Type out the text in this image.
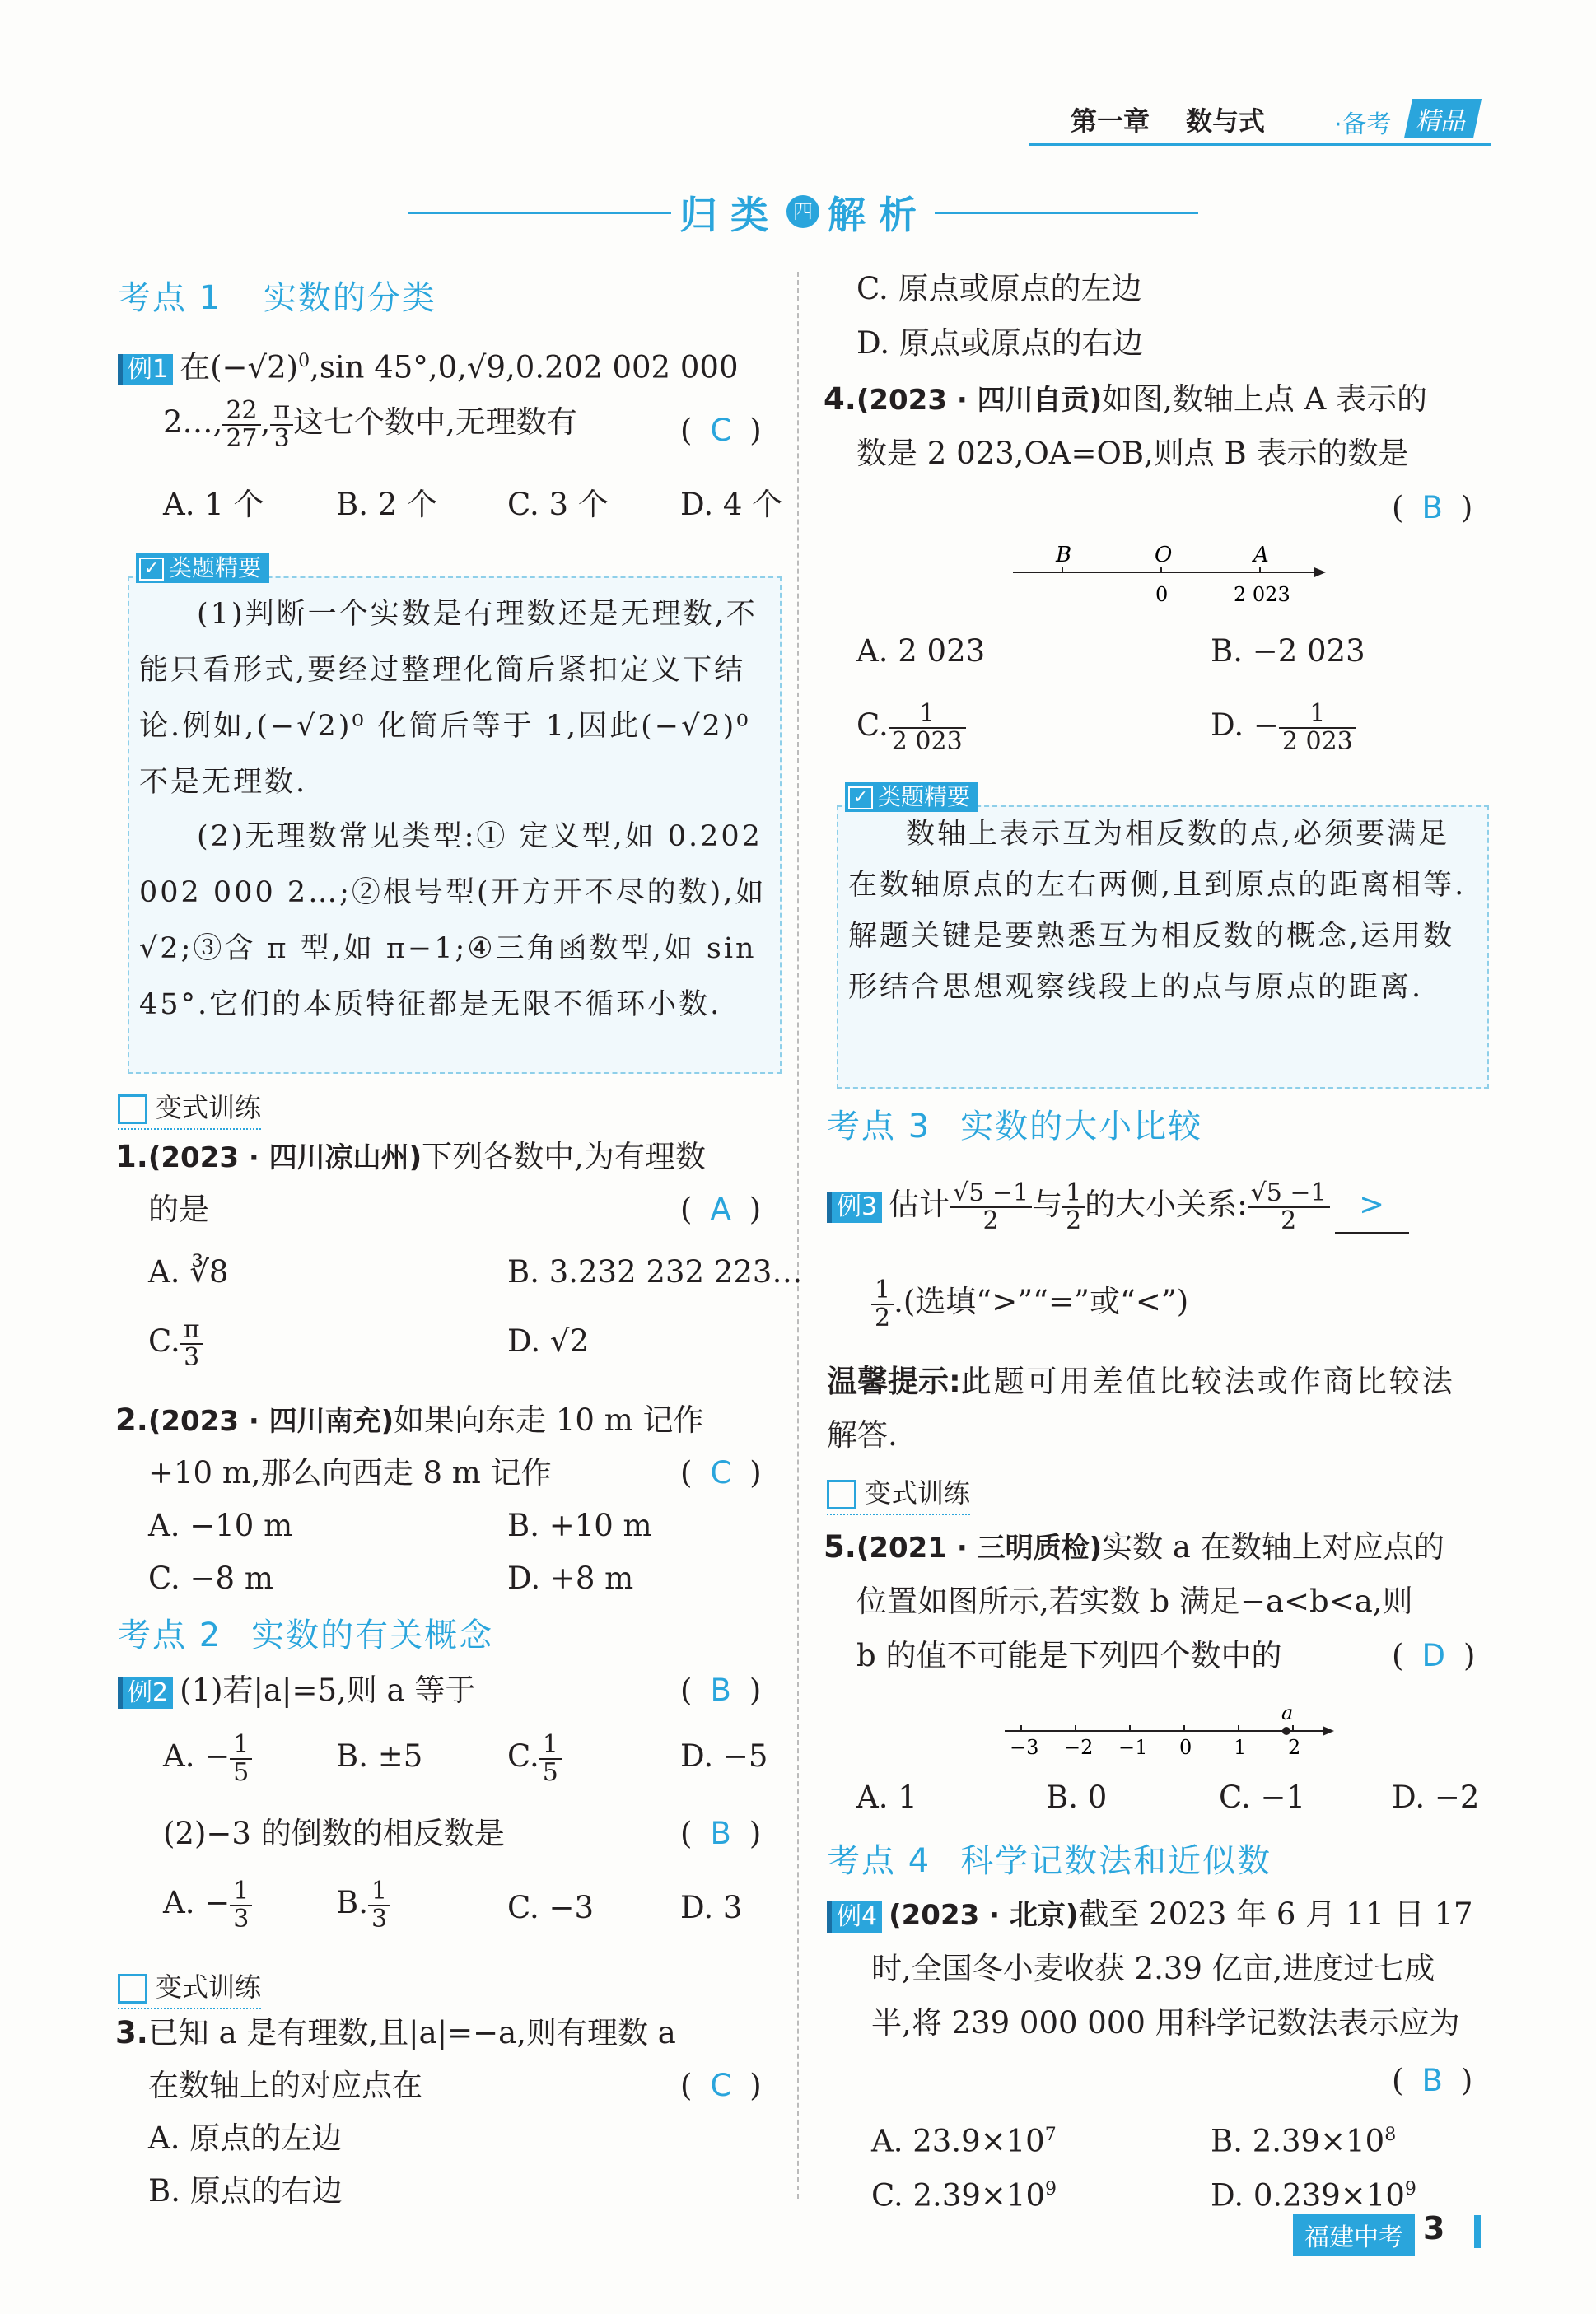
第一章 数与式	·备考 精品
归 类	四 解 析
考点 1 实数的分类
例1 在$(-√2)^0,\sin$ 45°,0,√9,0.202 002 000
2…, $\frac{22}{27}$ , $\frac{\pi}{3}$ 这七个数中,无理数有	( C )
A. 1 个 B. 2 个 C. 3 个 D. 4 个
✓ 类题精要
(1)判断一个实数是有理数还是无理数,不能只看形式,要经过整理化简后紧扣定义下结论.例如,(−√2)⁰ 化简后等于 1,因此(−√2)⁰ 不是无理数.
(2)无理数常见类型:① 定义型,如 0.202 002 000 2…;②根号型(开方开不尽的数),如√2;③含 π 型,如 π−1;④三角函数型,如 sin 45°.它们的本质特征都是无限不循环小数.
变式训练
1.(2023 · 四川凉山州)下列各数中,为有理数
的是	( A )
A. ∛8	B. 3.232 232 223…
C. $\frac{\pi}{3}$	D. √2
2.(2023 · 四川南充)如果向东走 10 m 记作
+10 m,那么向西走 8 m 记作	( C )
A. −10 m	B. +10 m
C. −8 m	D. +8 m
考点 2 实数的有关概念
例2 (1)若|a|=5,则 a 等于	( B )
A. − $\frac{1}{5}$	B. ±5	C. $\frac{1}{5}$	D. −5
(2)−3 的倒数的相反数是	( B )
A. − $\frac{1}{3}$	B. $\frac{1}{3}$	C. −3	D. 3
变式训练
3.已知 a 是有理数,且|a|=−a,则有理数 a
在数轴上的对应点在	( C )
A. 原点的左边
B. 原点的右边
C. 原点或原点的左边
D. 原点或原点的右边
4.(2023 · 四川自贡)如图,数轴上点 A 表示的
数是 2 023,OA=OB,则点 B 表示的数是
( B )
B	O	A
0	2 023
A. 2 023	B. −2 023
C. $\frac{1}{2 023}$	D. − $\frac{1}{2 023}$
✓ 类题精要
数轴上表示互为相反数的点,必须要满足在数轴原点的左右两侧,且到原点的距离相等.解题关键是要熟悉互为相反数的概念,运用数形结合思想观察线段上的点与原点的距离.
考点 3 实数的大小比较
例3 估计 $\frac{√5 -1}{2}$ 与 $\frac{1}{2}$ 的大小关系: $\frac{√5 -1}{2}$ >
$\frac{1}{2}$ .(选填“>”“=”或“<”)
温馨提示:此题可用差值比较法或作商比较法
解答.
变式训练
5.(2021 · 三明质检)实数 a 在数轴上对应点的
位置如图所示,若实数 b 满足−a<b<a,则
b 的值不可能是下列四个数中的	( D )
−3 −2 −1 0 1 2
a
A. 1	B. 0	C. −1	D. −2
考点 4 科学记数法和近似数
例4 (2023 · 北京)截至 2023 年 6 月 11 日 17
时,全国冬小麦收获 2.39 亿亩,进度过七成
半,将 239 000 000 用科学记数法表示应为
( B )
A. $23.9\times 10^7$	B. $2.39\times 10^8$
C. $2.39\times 10^9$	D. $0.239\times 10^9$
福建中考 3
